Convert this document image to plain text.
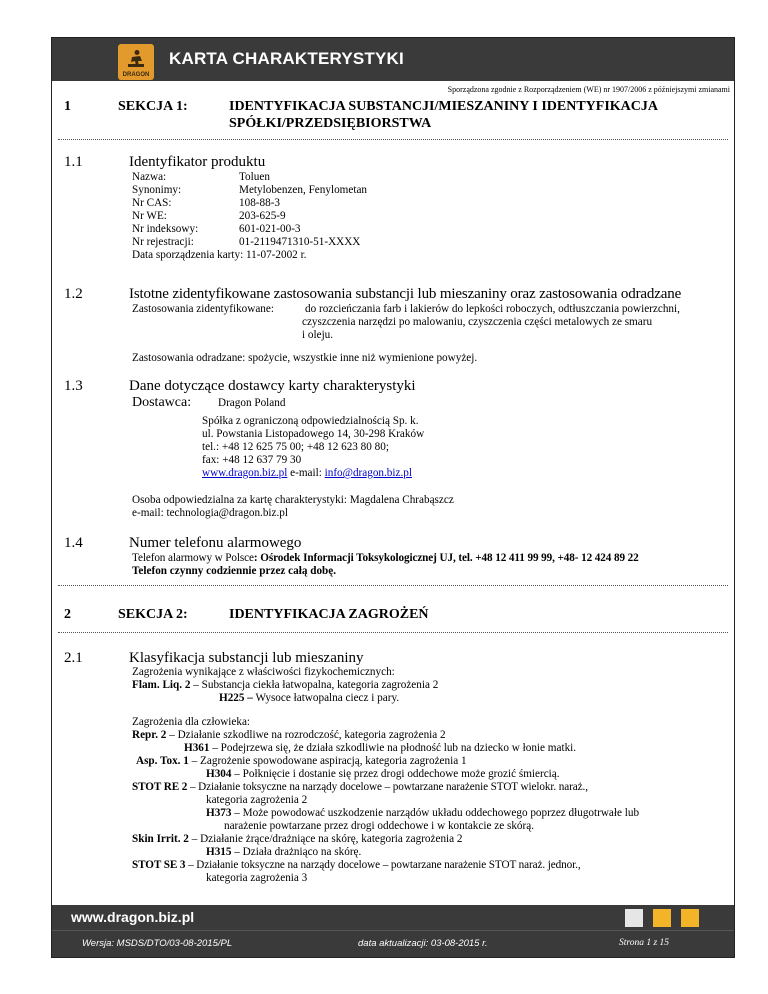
DRAGON
KARTA CHARAKTERYSTYKI
Sporządzona zgodnie z Rozporządzeniem (WE) nr 1907/2006 z późniejszymi zmianami
1	SEKCJA 1:	IDENTYFIKACJA SUBSTANCJI/MIESZANINY I IDENTYFIKACJA
SPÓŁKI/PRZEDSIĘBIORSTWA
1.1	Identyfikator produktu
Nazwa:	Toluen
Synonimy:	Metylobenzen, Fenylometan
Nr CAS:	108-88-3
Nr WE:	203-625-9
Nr indeksowy:	601-021-00-3
Nr rejestracji:	01-2119471310-51-XXXX
Data sporządzenia karty: 11-07-2002 r.
1.2	Istotne zidentyfikowane zastosowania substancji lub mieszaniny oraz zastosowania odradzane
Zastosowania zidentyfikowane:	do rozcieńczania farb i lakierów do lepkości roboczych, odtłuszczania powierzchni,
czyszczenia narzędzi po malowaniu, czyszczenia części metalowych ze smaru
i oleju.
Zastosowania odradzane: spożycie, wszystkie inne niż wymienione powyżej.
1.3	Dane dotyczące dostawcy karty charakterystyki
Dostawca: Dragon Poland
Spółka z ograniczoną odpowiedzialnością Sp. k.
ul. Powstania Listopadowego 14, 30-298 Kraków
tel.: +48 12 625 75 00; +48 12 623 80 80;
fax: +48 12 637 79 30
www.dragon.biz.pl e-mail: info@dragon.biz.pl
Osoba odpowiedzialna za kartę charakterystyki: Magdalena Chrabąszcz
e-mail: technologia@dragon.biz.pl
1.4	Numer telefonu alarmowego
Telefon alarmowy w Polsce: Ośrodek Informacji Toksykologicznej UJ, tel. +48 12 411 99 99, +48- 12 424 89 22
Telefon czynny codziennie przez całą dobę.
2	SEKCJA 2:	IDENTYFIKACJA ZAGROŻEŃ
2.1	Klasyfikacja substancji lub mieszaniny
Zagrożenia wynikające z właściwości fizykochemicznych:
Flam. Liq. 2 – Substancja ciekła łatwopalna, kategoria zagrożenia 2
H225 – Wysoce łatwopalna ciecz i pary.
Zagrożenia dla człowieka:
Repr. 2 – Działanie szkodliwe na rozrodczość, kategoria zagrożenia 2
H361 – Podejrzewa się, że działa szkodliwie na płodność lub na dziecko w łonie matki.
Asp. Tox. 1 – Zagrożenie spowodowane aspiracją, kategoria zagrożenia 1
H304 – Połknięcie i dostanie się przez drogi oddechowe może grozić śmiercią.
STOT RE 2 – Działanie toksyczne na narządy docelowe – powtarzane narażenie STOT wielokr. naraż.,
kategoria zagrożenia 2
H373 – Może powodować uszkodzenie narządów układu oddechowego poprzez długotrwałe lub
narażenie powtarzane przez drogi oddechowe i w kontakcie ze skórą.
Skin Irrit. 2 – Działanie żrące/drażniące na skórę, kategoria zagrożenia 2
H315 – Działa drażniąco na skórę.
STOT SE 3 – Działanie toksyczne na narządy docelowe – powtarzane narażenie STOT naraż. jednor.,
kategoria zagrożenia 3
www.dragon.biz.pl
Wersja: MSDS/DTO/03-08-2015/PL	data aktualizacji: 03-08-2015 r.	Strona 1 z 15
